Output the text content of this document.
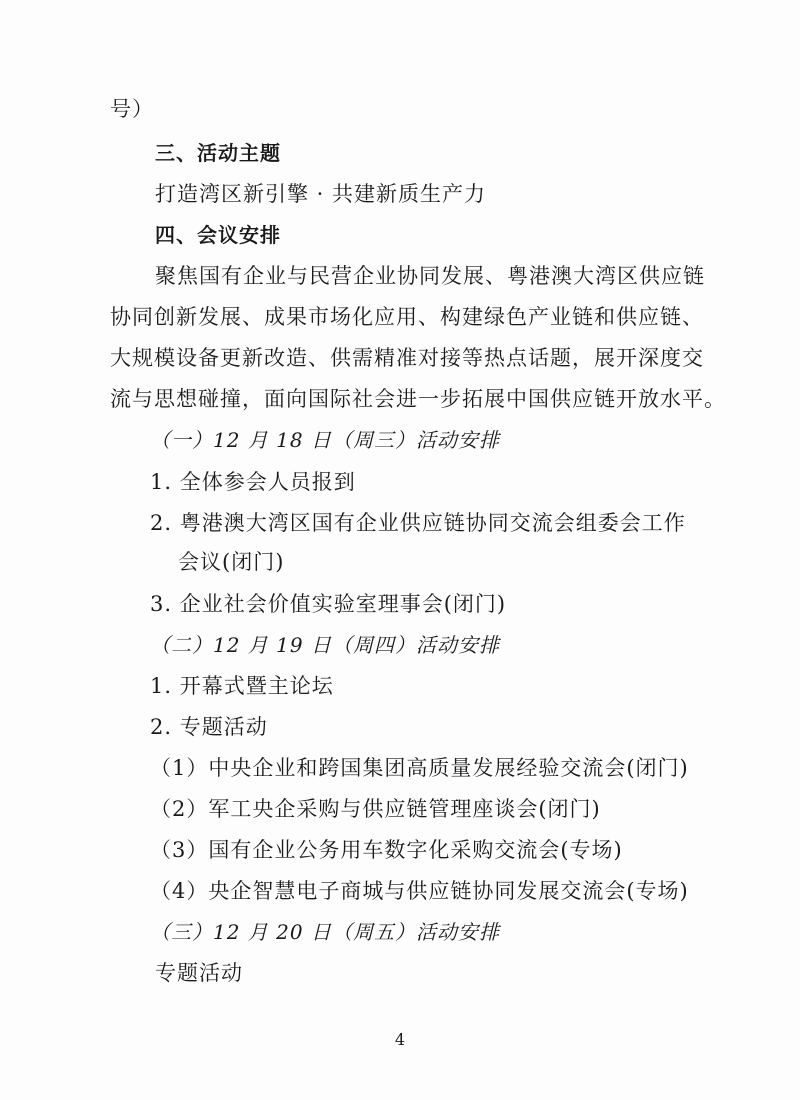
号）
三、活动主题
打造湾区新引擎 · 共建新质生产力
四、会议安排
聚焦国有企业与民营企业协同发展、粤港澳大湾区供应链
协同创新发展、成果市场化应用、构建绿色产业链和供应链、
大规模设备更新改造、供需精准对接等热点话题，展开深度交
流与思想碰撞，面向国际社会进一步拓展中国供应链开放水平。
（一）12 月 18 日（周三）活动安排
1. 全体参会人员报到
2. 粤港澳大湾区国有企业供应链协同交流会组委会工作
会议(闭门)
3. 企业社会价值实验室理事会(闭门)
（二）12 月 19 日（周四）活动安排
1. 开幕式暨主论坛
2. 专题活动
（1）中央企业和跨国集团高质量发展经验交流会(闭门)
（2）军工央企采购与供应链管理座谈会(闭门)
（3）国有企业公务用车数字化采购交流会(专场)
（4）央企智慧电子商城与供应链协同发展交流会(专场)
（三）12 月 20 日（周五）活动安排
专题活动
4
